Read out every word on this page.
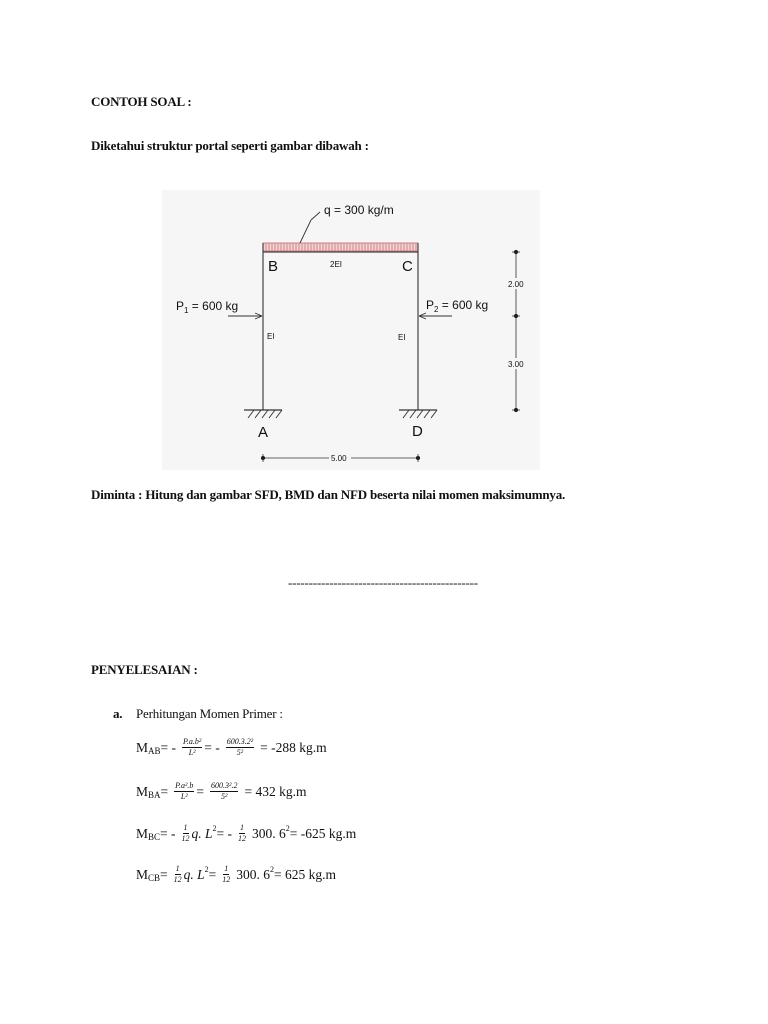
CONTOH SOAL :
Diketahui struktur portal seperti gambar dibawah :
q = 300 kg/m
B	C
A	D
2EI
EI	EI
$P_1 = 600$ kg	$P_2 = 600$ kg
2.00
3.00
5.00
Diminta : Hitung dan gambar SFD, BMD dan NFD beserta nilai momen maksimumnya.
----------------------------------------------
PENYELESAIAN :
a. Perhitungan Momen Primer :
M AB = - $\frac{\text{P.a.b²}}{\text{L²}}$ = - $\frac{\text{600.3.2²}}{\text{5²}} = -288$ kg.m
M BA = $\frac{\text{P.a².b}}{\text{L²}} = \frac{\text{600.3².2}}{\text{5²}} = 432$ kg.m
M BC = - $\frac{1}{12} q$. L 2 = - $\frac{1}{12} 300$. 6 2 = -625 kg.m
M CB = $\frac{1}{12} q$. L $2 = \frac{1}{12} 300$. 6 2 = 625 kg.m
